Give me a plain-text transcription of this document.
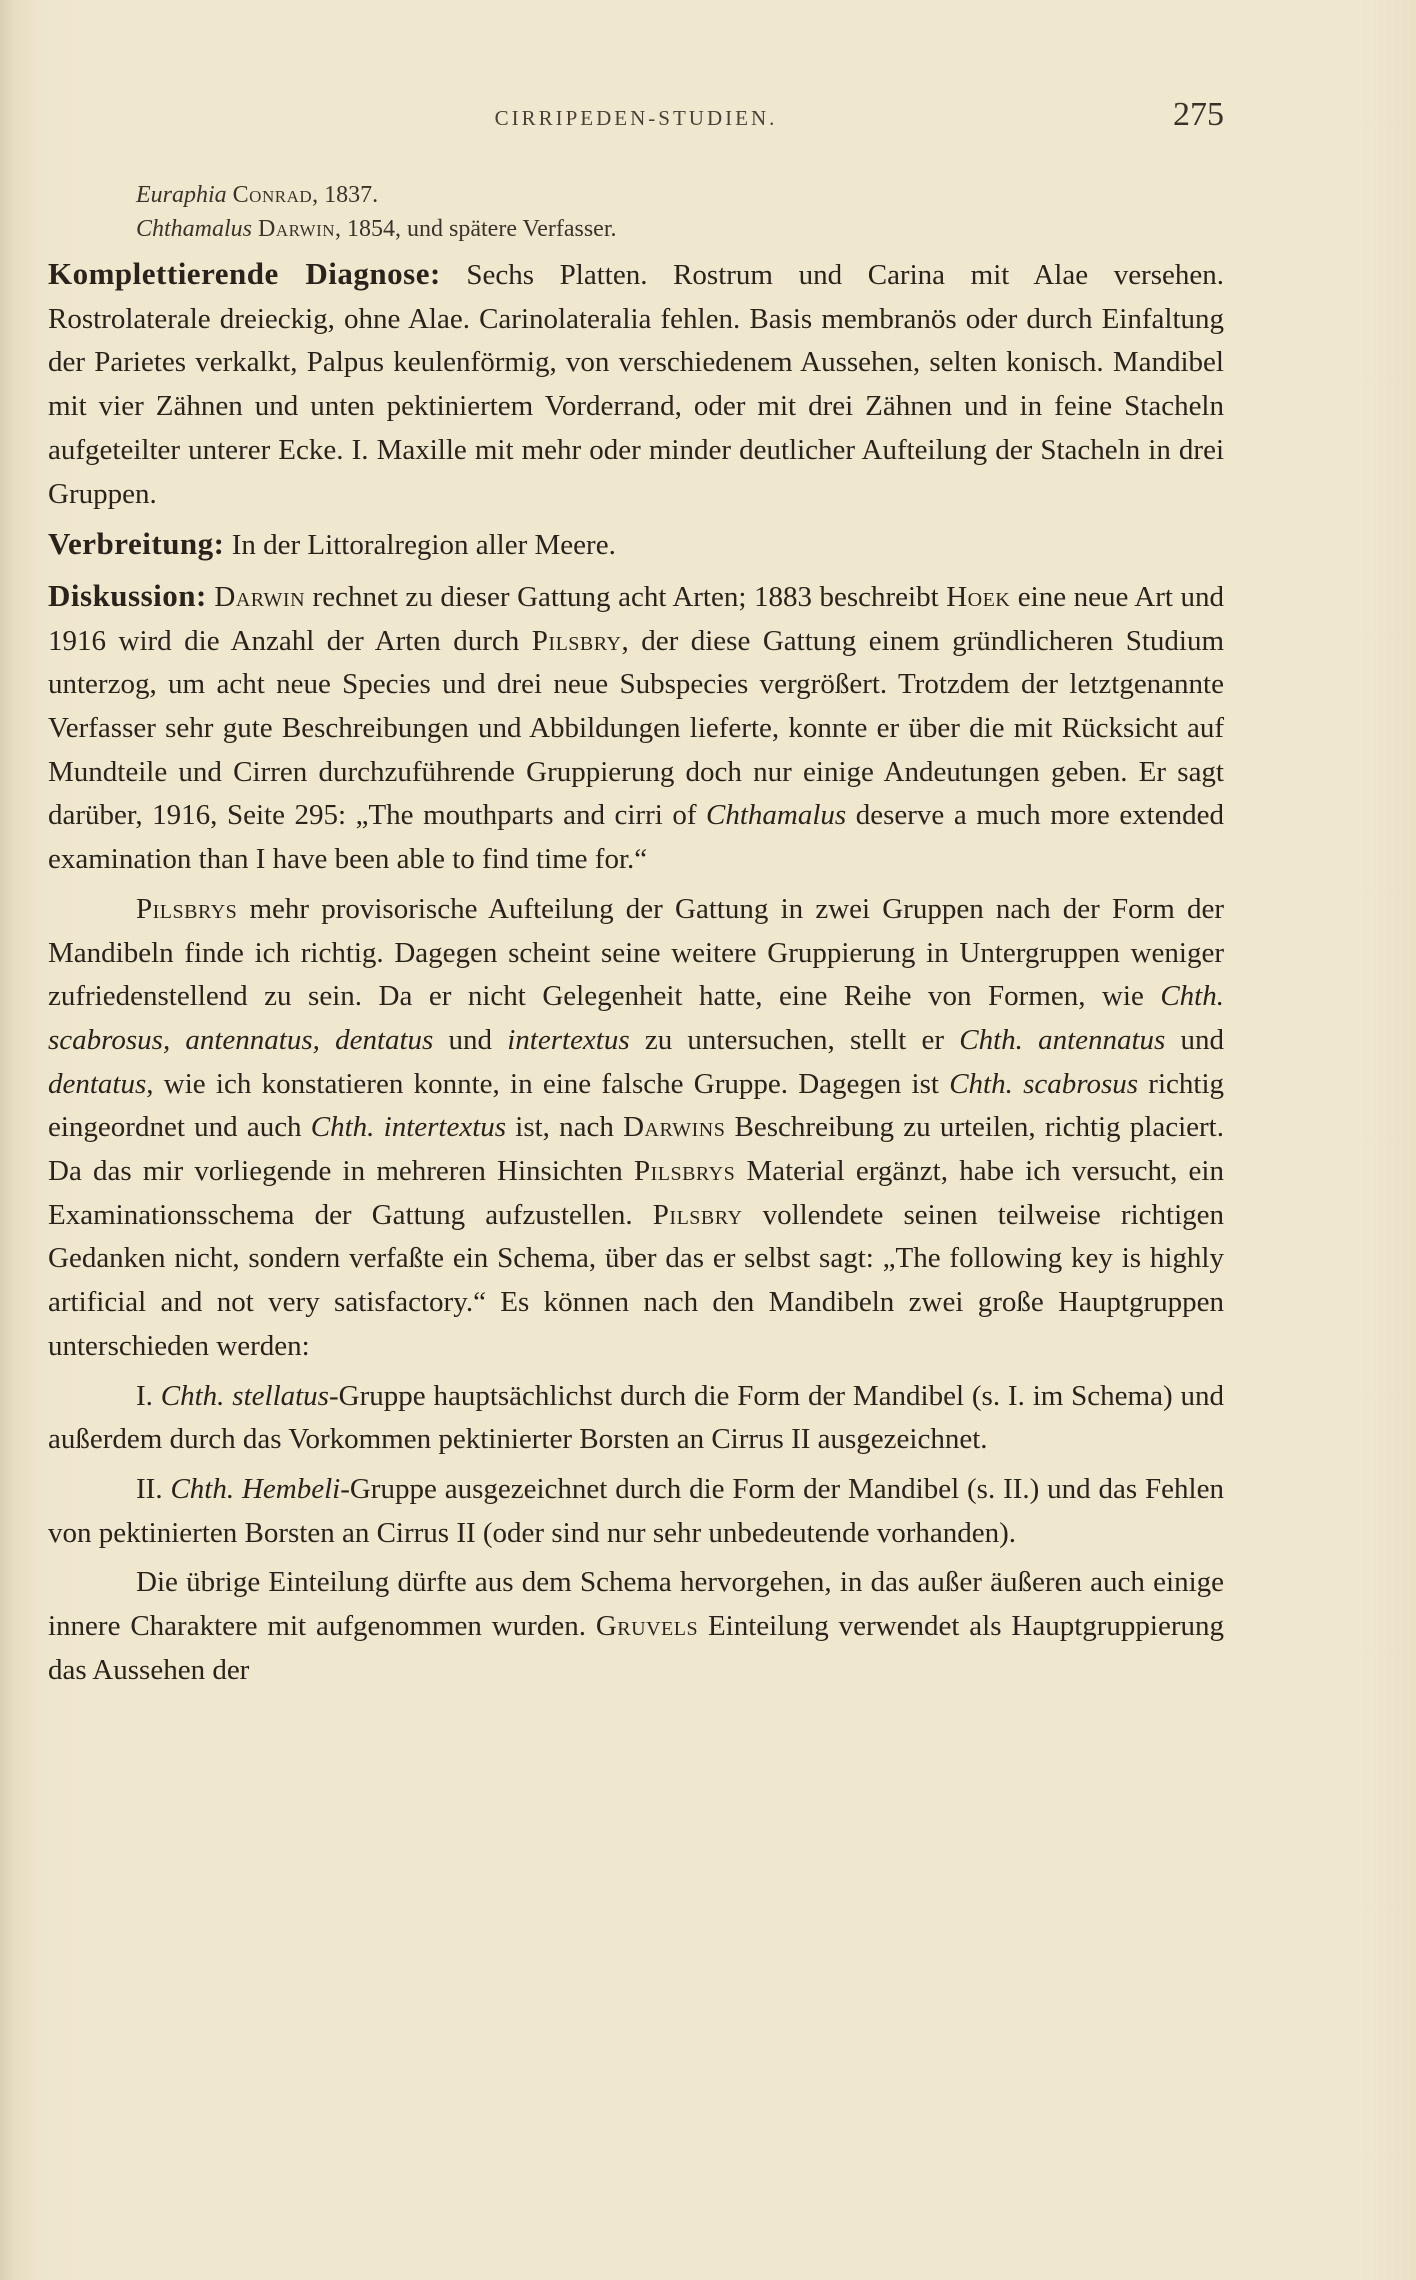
CIRRIPEDEN-STUDIEN.	275

Euraphia Conrad, 1837.

Chthamalus Darwin, 1854, und spätere Verfasser.

Komplettierende Diagnose: Sechs Platten. Rostrum und Carina mit Alae versehen. Rostrolaterale dreieckig, ohne Alae. Carinolateralia fehlen. Basis membranös oder durch Einfaltung der Parietes verkalkt, Palpus keulenförmig, von verschiedenem Aussehen, selten konisch. Mandibel mit vier Zähnen und unten pektiniertem Vorderrand, oder mit drei Zähnen und in feine Stacheln aufgeteilter unterer Ecke. I. Maxille mit mehr oder minder deutlicher Aufteilung der Stacheln in drei Gruppen.

Verbreitung: In der Littoralregion aller Meere.

Diskussion: Darwin rechnet zu dieser Gattung acht Arten; 1883 beschreibt Hoek eine neue Art und 1916 wird die Anzahl der Arten durch Pilsbry, der diese Gattung einem gründlicheren Studium unterzog, um acht neue Species und drei neue Subspecies vergrößert. Trotzdem der letztgenannte Verfasser sehr gute Beschreibungen und Abbildungen lieferte, konnte er über die mit Rücksicht auf Mundteile und Cirren durchzuführende Gruppierung doch nur einige Andeutungen geben. Er sagt darüber, 1916, Seite 295: „The mouthparts and cirri of Chthamalus deserve a much more extended examination than I have been able to find time for.“

Pilsbrys mehr provisorische Aufteilung der Gattung in zwei Gruppen nach der Form der Mandibeln finde ich richtig. Dagegen scheint seine weitere Gruppierung in Untergruppen weniger zufriedenstellend zu sein. Da er nicht Gelegenheit hatte, eine Reihe von Formen, wie Chth. scabrosus, antennatus, dentatus und intertextus zu untersuchen, stellt er Chth. antennatus und dentatus, wie ich konstatieren konnte, in eine falsche Gruppe. Dagegen ist Chth. scabrosus richtig eingeordnet und auch Chth. intertextus ist, nach Darwins Beschreibung zu urteilen, richtig placiert. Da das mir vorliegende in mehreren Hinsichten Pilsbrys Material ergänzt, habe ich versucht, ein Examinationsschema der Gattung aufzustellen. Pilsbry vollendete seinen teilweise richtigen Gedanken nicht, sondern verfaßte ein Schema, über das er selbst sagt: „The following key is highly artificial and not very satisfactory.“ Es können nach den Mandibeln zwei große Hauptgruppen unterschieden werden:

I. Chth. stellatus-Gruppe hauptsächlichst durch die Form der Mandibel (s. I. im Schema) und außerdem durch das Vorkommen pektinierter Borsten an Cirrus II ausgezeichnet.

II. Chth. Hembeli-Gruppe ausgezeichnet durch die Form der Mandibel (s. II.) und das Fehlen von pektinierten Borsten an Cirrus II (oder sind nur sehr unbedeutende vorhanden).

Die übrige Einteilung dürfte aus dem Schema hervorgehen, in das außer äußeren auch einige innere Charaktere mit aufgenommen wurden. Gruvels Einteilung verwendet als Hauptgruppierung das Aussehen der
